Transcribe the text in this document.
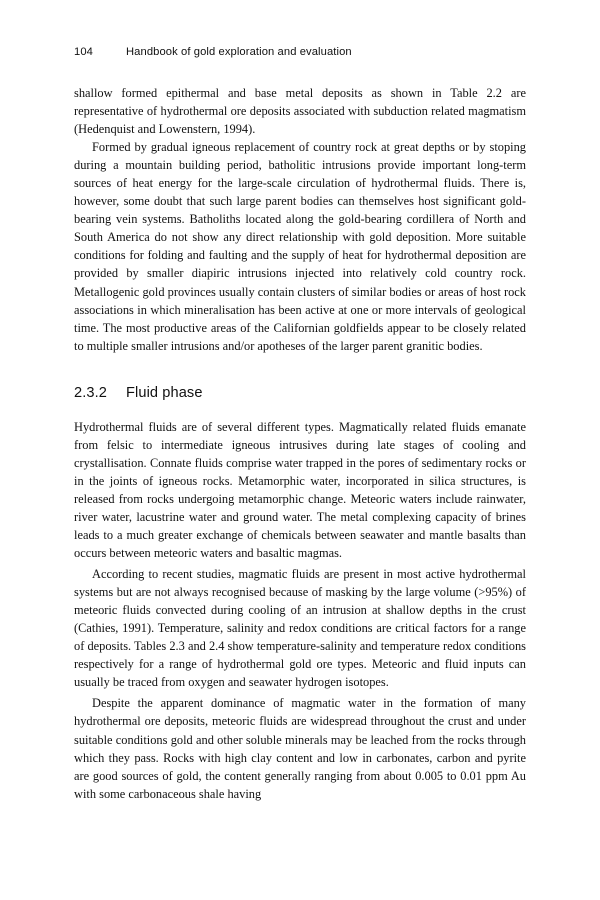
104	Handbook of gold exploration and evaluation

shallow formed epithermal and base metal deposits as shown in Table 2.2 are representative of hydrothermal ore deposits associated with subduction related magmatism (Hedenquist and Lowenstern, 1994).

Formed by gradual igneous replacement of country rock at great depths or by stoping during a mountain building period, batholitic intrusions provide important long-term sources of heat energy for the large-scale circulation of hydrothermal fluids. There is, however, some doubt that such large parent bodies can themselves host significant gold-bearing vein systems. Batholiths located along the gold-bearing cordillera of North and South America do not show any direct relationship with gold deposition. More suitable conditions for folding and faulting and the supply of heat for hydrothermal deposition are provided by smaller diapiric intrusions injected into relatively cold country rock. Metallogenic gold provinces usually contain clusters of similar bodies or areas of host rock associations in which mineralisation has been active at one or more intervals of geological time. The most productive areas of the Californian goldfields appear to be closely related to multiple smaller intrusions and/or apotheses of the larger parent granitic bodies.

2.3.2 Fluid phase

Hydrothermal fluids are of several different types. Magmatically related fluids emanate from felsic to intermediate igneous intrusives during late stages of cooling and crystallisation. Connate fluids comprise water trapped in the pores of sedimentary rocks or in the joints of igneous rocks. Metamorphic water, incorporated in silica structures, is released from rocks undergoing metamorphic change. Meteoric waters include rainwater, river water, lacustrine water and ground water. The metal complexing capacity of brines leads to a much greater exchange of chemicals between seawater and mantle basalts than occurs between meteoric waters and basaltic magmas.

According to recent studies, magmatic fluids are present in most active hydrothermal systems but are not always recognised because of masking by the large volume (>95%) of meteoric fluids convected during cooling of an intrusion at shallow depths in the crust (Cathies, 1991). Temperature, salinity and redox conditions are critical factors for a range of deposits. Tables 2.3 and 2.4 show temperature-salinity and temperature redox conditions respectively for a range of hydrothermal gold ore types. Meteoric and fluid inputs can usually be traced from oxygen and seawater hydrogen isotopes.

Despite the apparent dominance of magmatic water in the formation of many hydrothermal ore deposits, meteoric fluids are widespread throughout the crust and under suitable conditions gold and other soluble minerals may be leached from the rocks through which they pass. Rocks with high clay content and low in carbonates, carbon and pyrite are good sources of gold, the content generally ranging from about 0.005 to 0.01 ppm Au with some carbonaceous shale having
